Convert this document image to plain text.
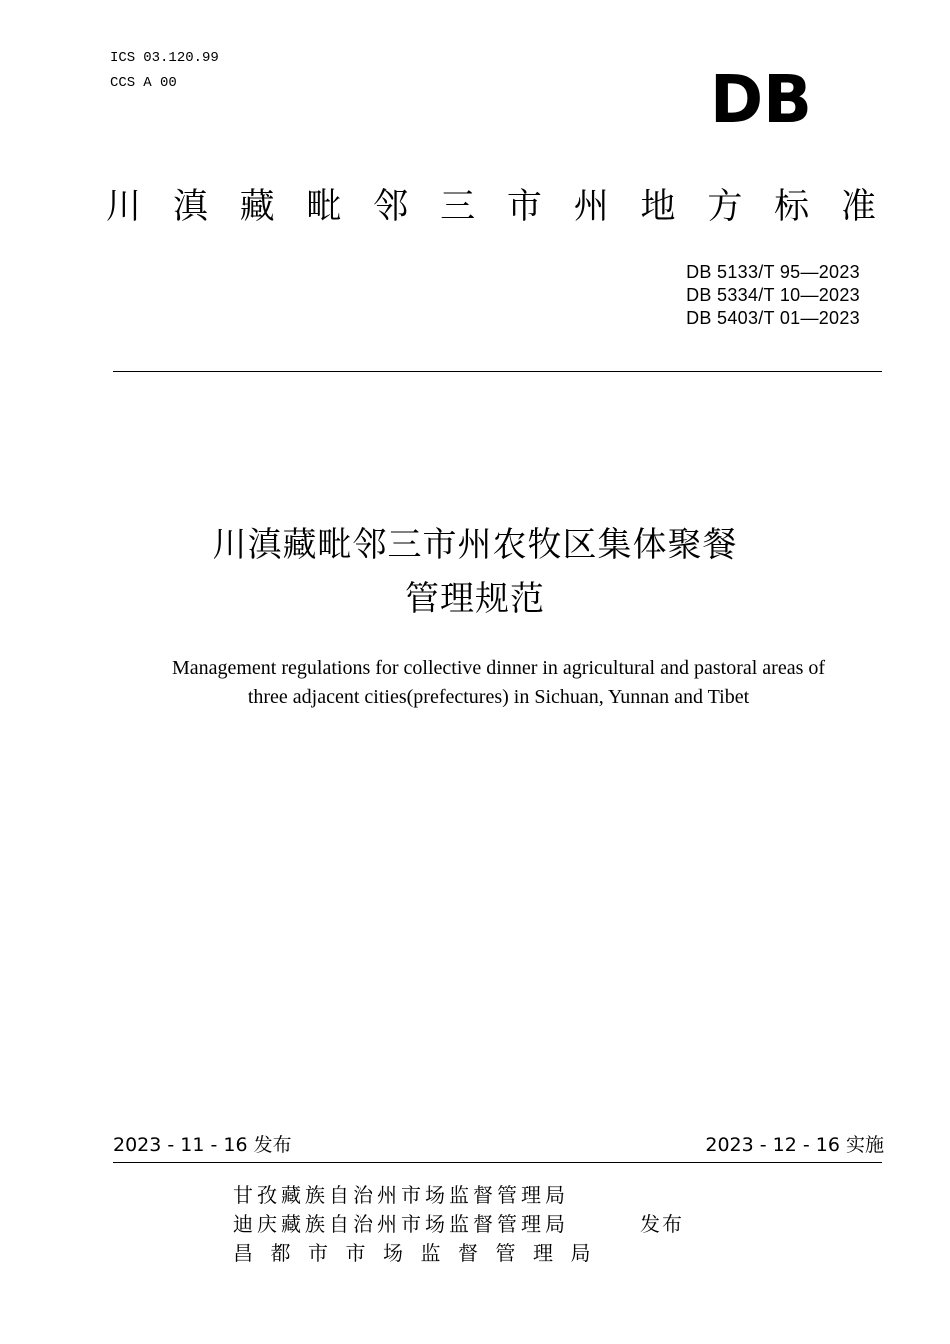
ICS 03.120.99
CCS A 00	DB
川 滇 藏 毗 邻 三 市 州 地 方 标 准
DB 5133/T 95—2023
DB 5334/T 10—2023
DB 5403/T 01—2023
川滇藏毗邻三市州农牧区集体聚餐
管理规范
Management regulations for collective dinner in agricultural and pastoral areas of
three adjacent cities(prefectures) in Sichuan, Yunnan and Tibet
2023 - 11 - 16 发布	2023 - 12 - 16 实施
甘孜藏族自治州市场监督管理局
迪庆藏族自治州市场监督管理局
昌都市市场监督管理局
发布
